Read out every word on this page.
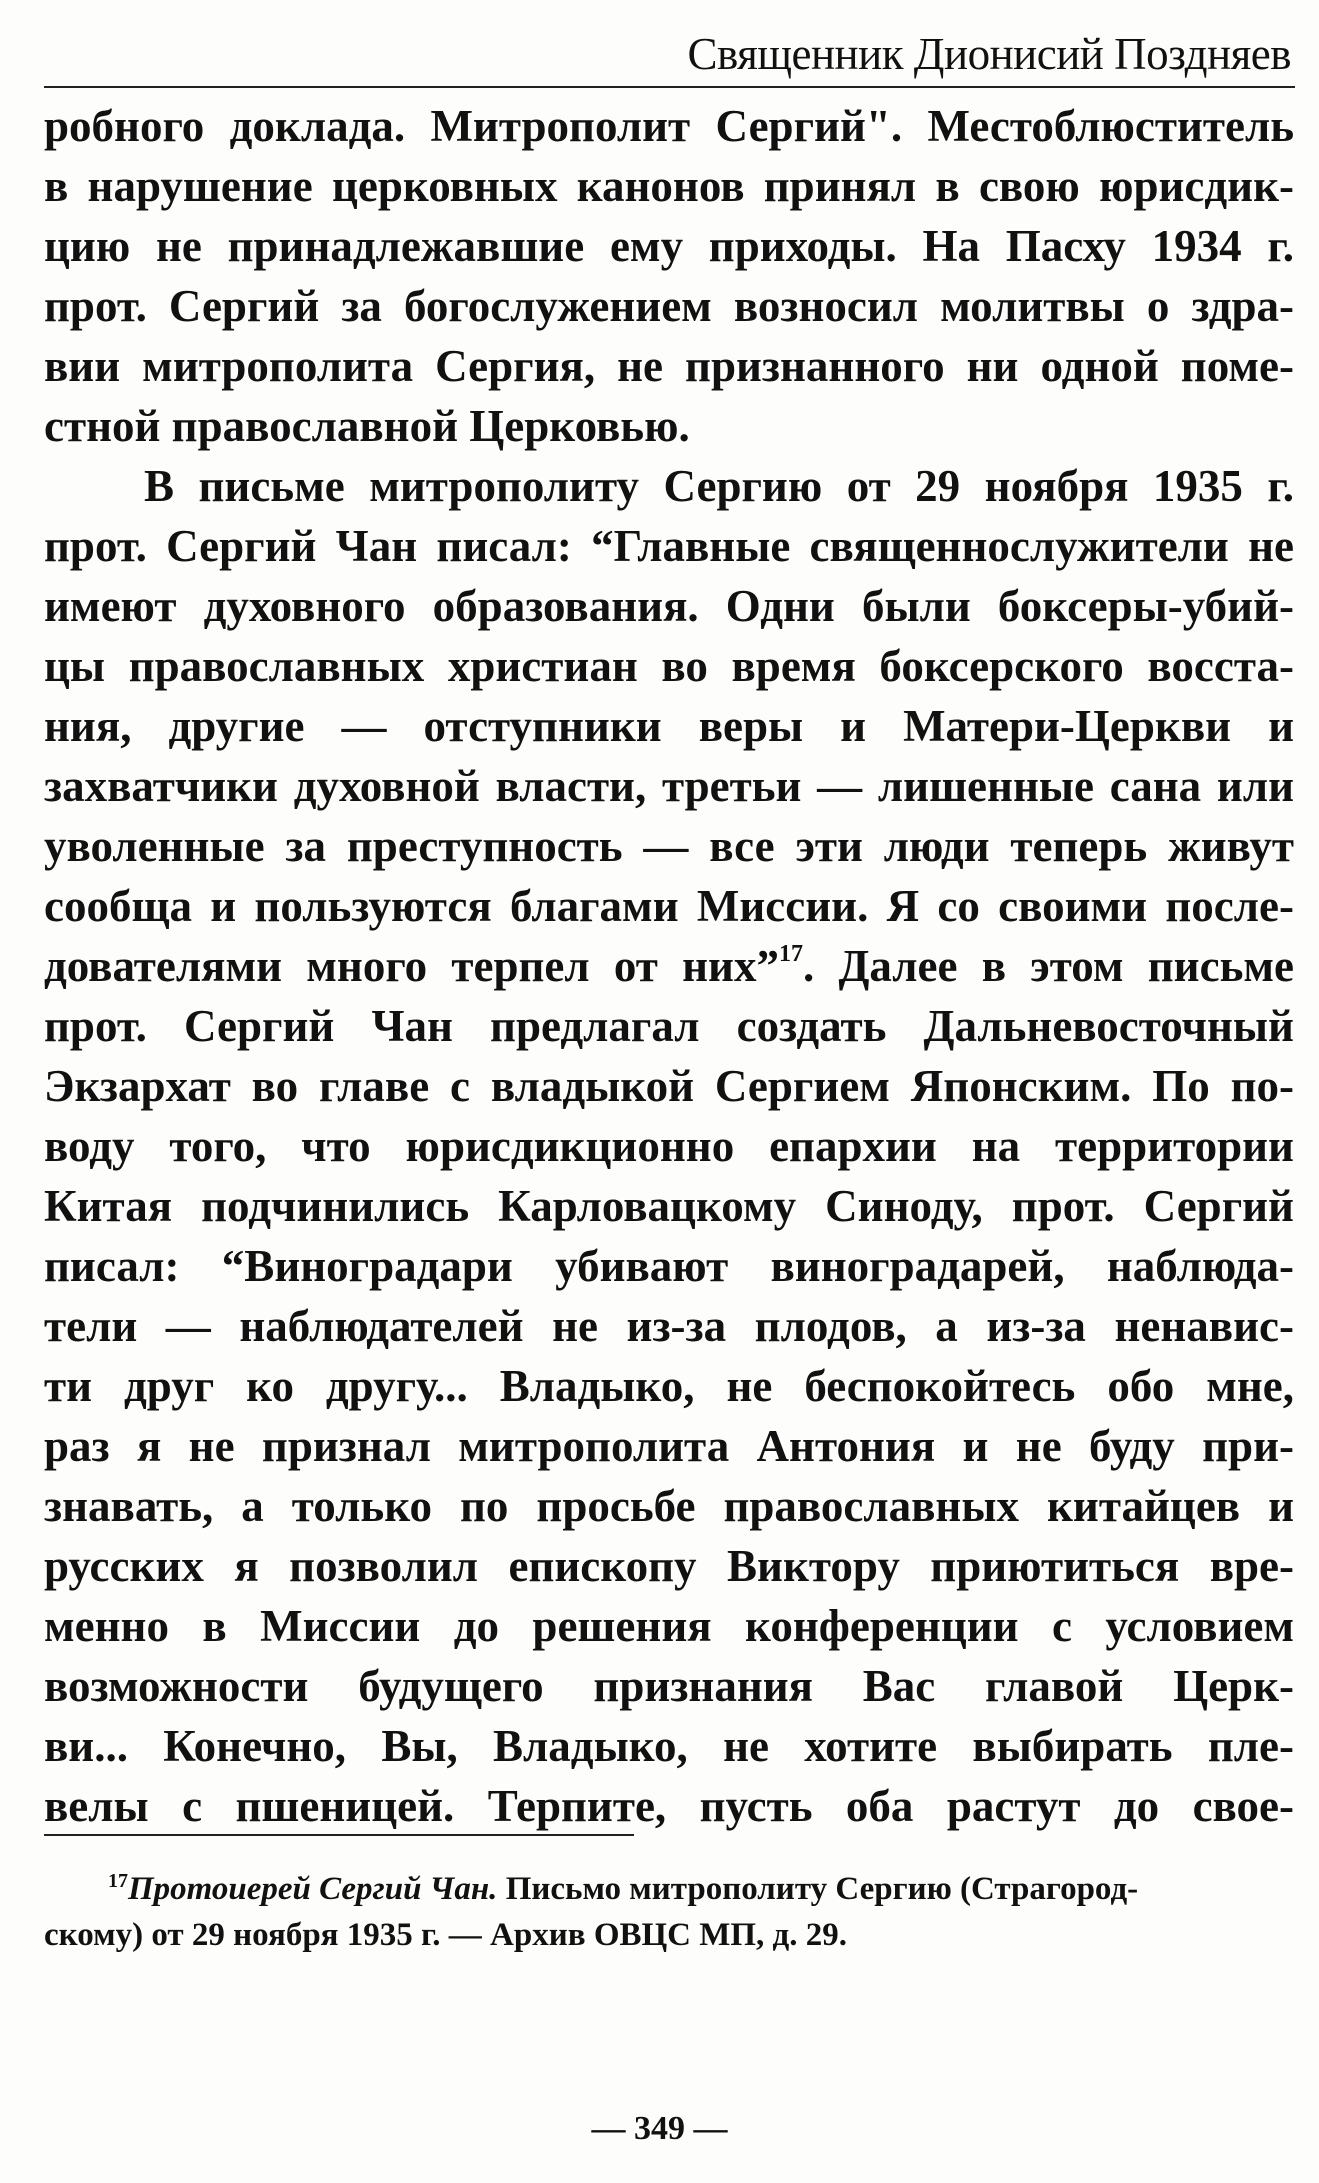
Священник Дионисий Поздняев
робного доклада. Митрополит Сергий". Местоблюститель
в нарушение церковных канонов принял в свою юрисдик-
цию не принадлежавшие ему приходы. На Пасху 1934 г.
прот. Сергий за богослужением возносил молитвы о здра-
вии митрополита Сергия, не признанного ни одной поме-
стной православной Церковью.
В письме митрополиту Сергию от 29 ноября 1935 г.
прот. Сергий Чан писал: “Главные священнослужители не
имеют духовного образования. Одни были боксеры-убий-
цы православных христиан во время боксерского восста-
ния, другие — отступники веры и Матери-Церкви и
захватчики духовной власти, третьи — лишенные сана или
уволенные за преступность — все эти люди теперь живут
сообща и пользуются благами Миссии. Я со своими после-
дователями много терпел от них”$^{17}$. Далее в этом письме
прот. Сергий Чан предлагал создать Дальневосточный
Экзархат во главе с владыкой Сергием Японским. По по-
воду того, что юрисдикционно епархии на территории
Китая подчинились Карловацкому Синоду, прот. Сергий
писал: “Виноградари убивают виноградарей, наблюда-
тели — наблюдателей не из-за плодов, а из-за ненавис-
ти друг ко другу... Владыко, не беспокойтесь обо мне,
раз я не признал митрополита Антония и не буду при-
знавать, а только по просьбе православных китайцев и
русских я позволил епископу Виктору приютиться вре-
менно в Миссии до решения конференции с условием
возможности будущего признания Вас главой Церк-
ви... Конечно, Вы, Владыко, не хотите выбирать пле-
велы с пшеницей. Терпите, пусть оба растут до свое-
$^{17}$Протоиерей Сергий Чан. Письмо митрополиту Сергию (Страгород-
скому) от 29 ноября 1935 г. — Архив ОВЦС МП, д. 29.
— 349 —
